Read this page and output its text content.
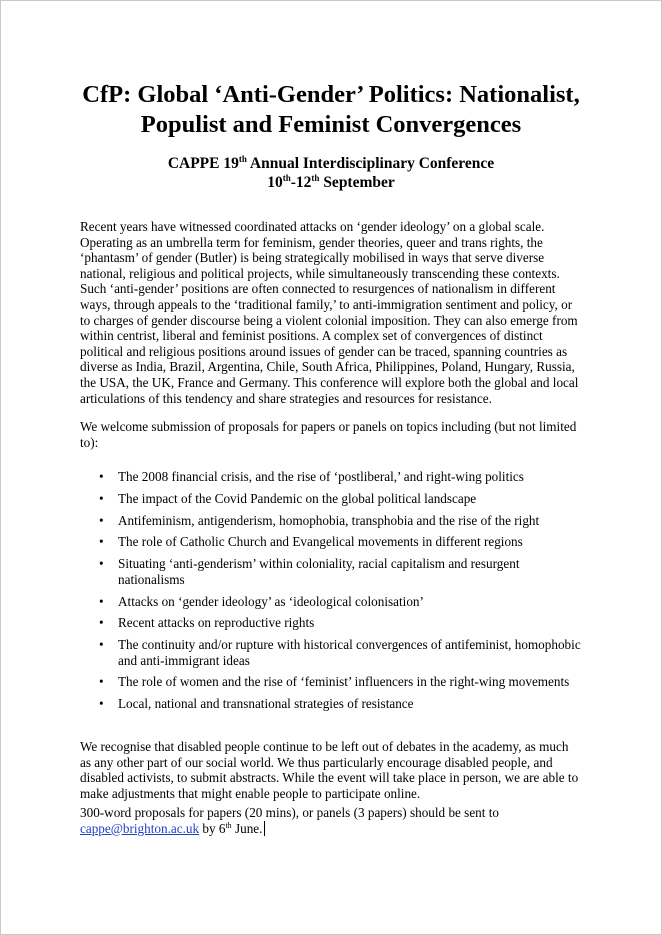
CfP: Global ‘Anti-Gender’ Politics: Nationalist,
Populist and Feminist Convergences
CAPPE 19th Annual Interdisciplinary Conference
10th-12th September

Recent years have witnessed coordinated attacks on ‘gender ideology’ on a global scale. Operating as an umbrella term for feminism, gender theories, queer and trans rights, the ‘phantasm’ of gender (Butler) is being strategically mobilised in ways that serve diverse national, religious and political projects, while simultaneously transcending these contexts. Such ‘anti-gender’ positions are often connected to resurgences of nationalism in different ways, through appeals to the ‘traditional family,’ to anti-immigration sentiment and policy, or to charges of gender discourse being a violent colonial imposition. They can also emerge from within centrist, liberal and feminist positions. A complex set of convergences of distinct political and religious positions around issues of gender can be traced, spanning countries as diverse as India, Brazil, Argentina, Chile, South Africa, Philippines, Poland, Hungary, Russia, the USA, the UK, France and Germany. This conference will explore both the global and local articulations of this tendency and share strategies and resources for resistance.

We welcome submission of proposals for papers or panels on topics including (but not limited to):

• The 2008 financial crisis, and the rise of ‘postliberal,’ and right-wing politics
• The impact of the Covid Pandemic on the global political landscape
• Antifeminism, antigenderism, homophobia, transphobia and the rise of the right
• The role of Catholic Church and Evangelical movements in different regions
• Situating ‘anti-genderism’ within coloniality, racial capitalism and resurgent nationalisms
• Attacks on ‘gender ideology’ as ‘ideological colonisation’
• Recent attacks on reproductive rights
• The continuity and/or rupture with historical convergences of antifeminist, homophobic and anti-immigrant ideas
• The role of women and the rise of ‘feminist’ influencers in the right-wing movements
• Local, national and transnational strategies of resistance

We recognise that disabled people continue to be left out of debates in the academy, as much as any other part of our social world. We thus particularly encourage disabled people, and disabled activists, to submit abstracts. While the event will take place in person, we are able to make adjustments that might enable people to participate online.

300-word proposals for papers (20 mins), or panels (3 papers) should be sent to cappe@brighton.ac.uk by 6th June.
